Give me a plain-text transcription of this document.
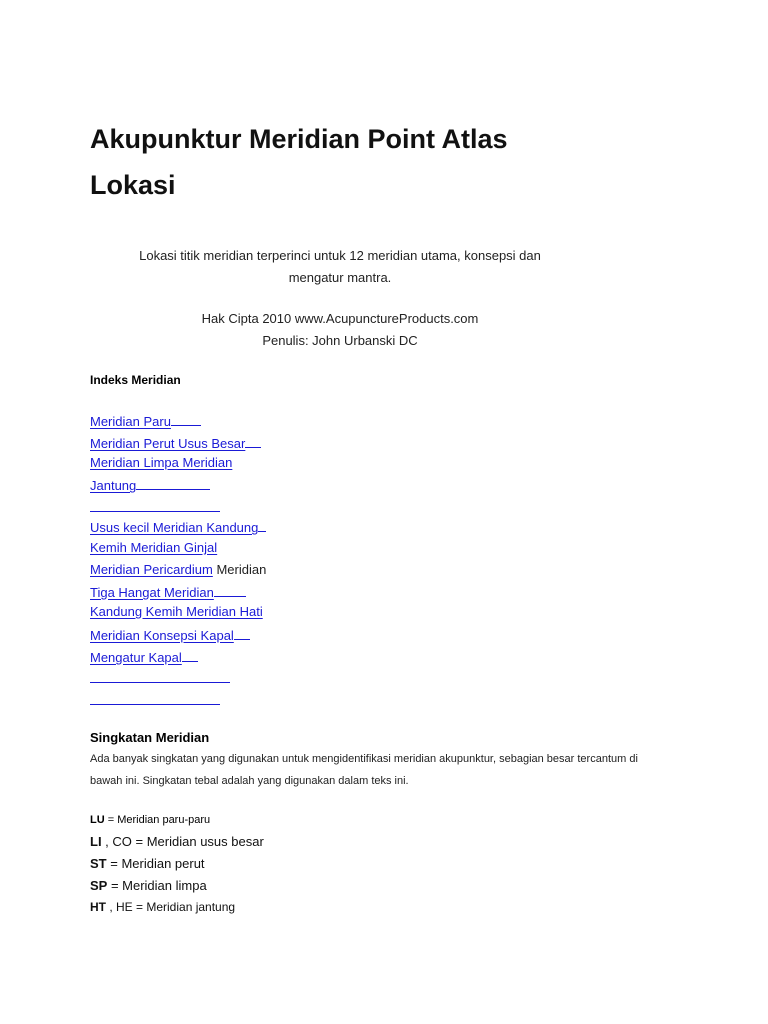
Akupunktur Meridian Point Atlas
Lokasi
Lokasi titik meridian terperinci untuk 12 meridian utama, konsepsi dan
mengatur mantra.
Hak Cipta 2010 www.AcupunctureProducts.com
Penulis: John Urbanski DC
Indeks Meridian
Meridian Paru
Meridian Perut Usus Besar
Meridian Limpa Meridian
Jantung
Usus kecil Meridian Kandung
Kemih Meridian Ginjal
Meridian Pericardium Meridian
Tiga Hangat Meridian
Kandung Kemih Meridian Hati
Meridian Konsepsi Kapal
Mengatur Kapal
Singkatan Meridian
Ada banyak singkatan yang digunakan untuk mengidentifikasi meridian akupunktur, sebagian besar tercantum di
bawah ini. Singkatan tebal adalah yang digunakan dalam teks ini.
LU = Meridian paru-paru
LI , CO = Meridian usus besar
ST = Meridian perut
SP = Meridian limpa
HT , HE = Meridian jantung
